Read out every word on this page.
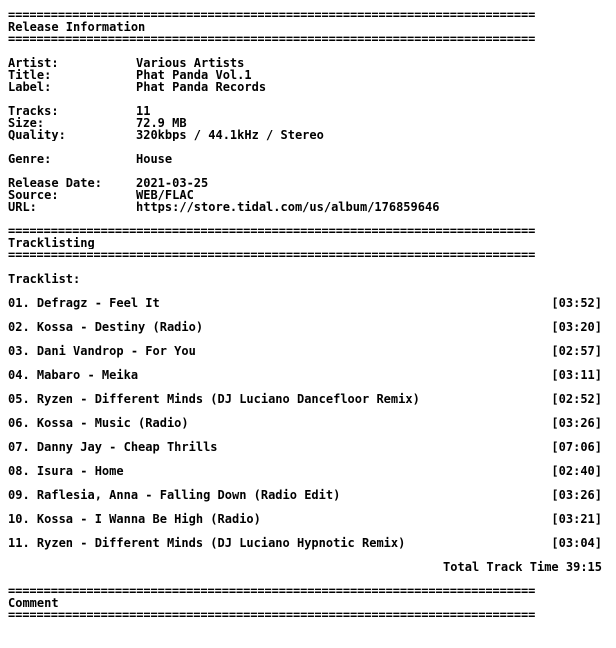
==========================================================================
Release Information
==========================================================================
Artist:	Various Artists
Title:	Phat Panda Vol.1
Label:	Phat Panda Records
Tracks:	11
Size:	72.9 MB
Quality:	320kbps / 44.1kHz / Stereo
Genre:	House
Release Date:	2021-03-25
Source:	WEB/FLAC
URL:	https://store.tidal.com/us/album/176859646
==========================================================================
Tracklisting
==========================================================================
Tracklist:
01. Defragz - Feel It	[03:52]
02. Kossa - Destiny (Radio)	[03:20]
03. Dani Vandrop - For You	[02:57]
04. Mabaro - Meika	[03:11]
05. Ryzen - Different Minds (DJ Luciano Dancefloor Remix)	[02:52]
06. Kossa - Music (Radio)	[03:26]
07. Danny Jay - Cheap Thrills	[07:06]
08. Isura - Home	[02:40]
09. Raflesia, Anna - Falling Down (Radio Edit)	[03:26]
10. Kossa - I Wanna Be High (Radio)	[03:21]
11. Ryzen - Different Minds (DJ Luciano Hypnotic Remix)	[03:04]
Total Track Time 39:15
==========================================================================
Comment
==========================================================================
